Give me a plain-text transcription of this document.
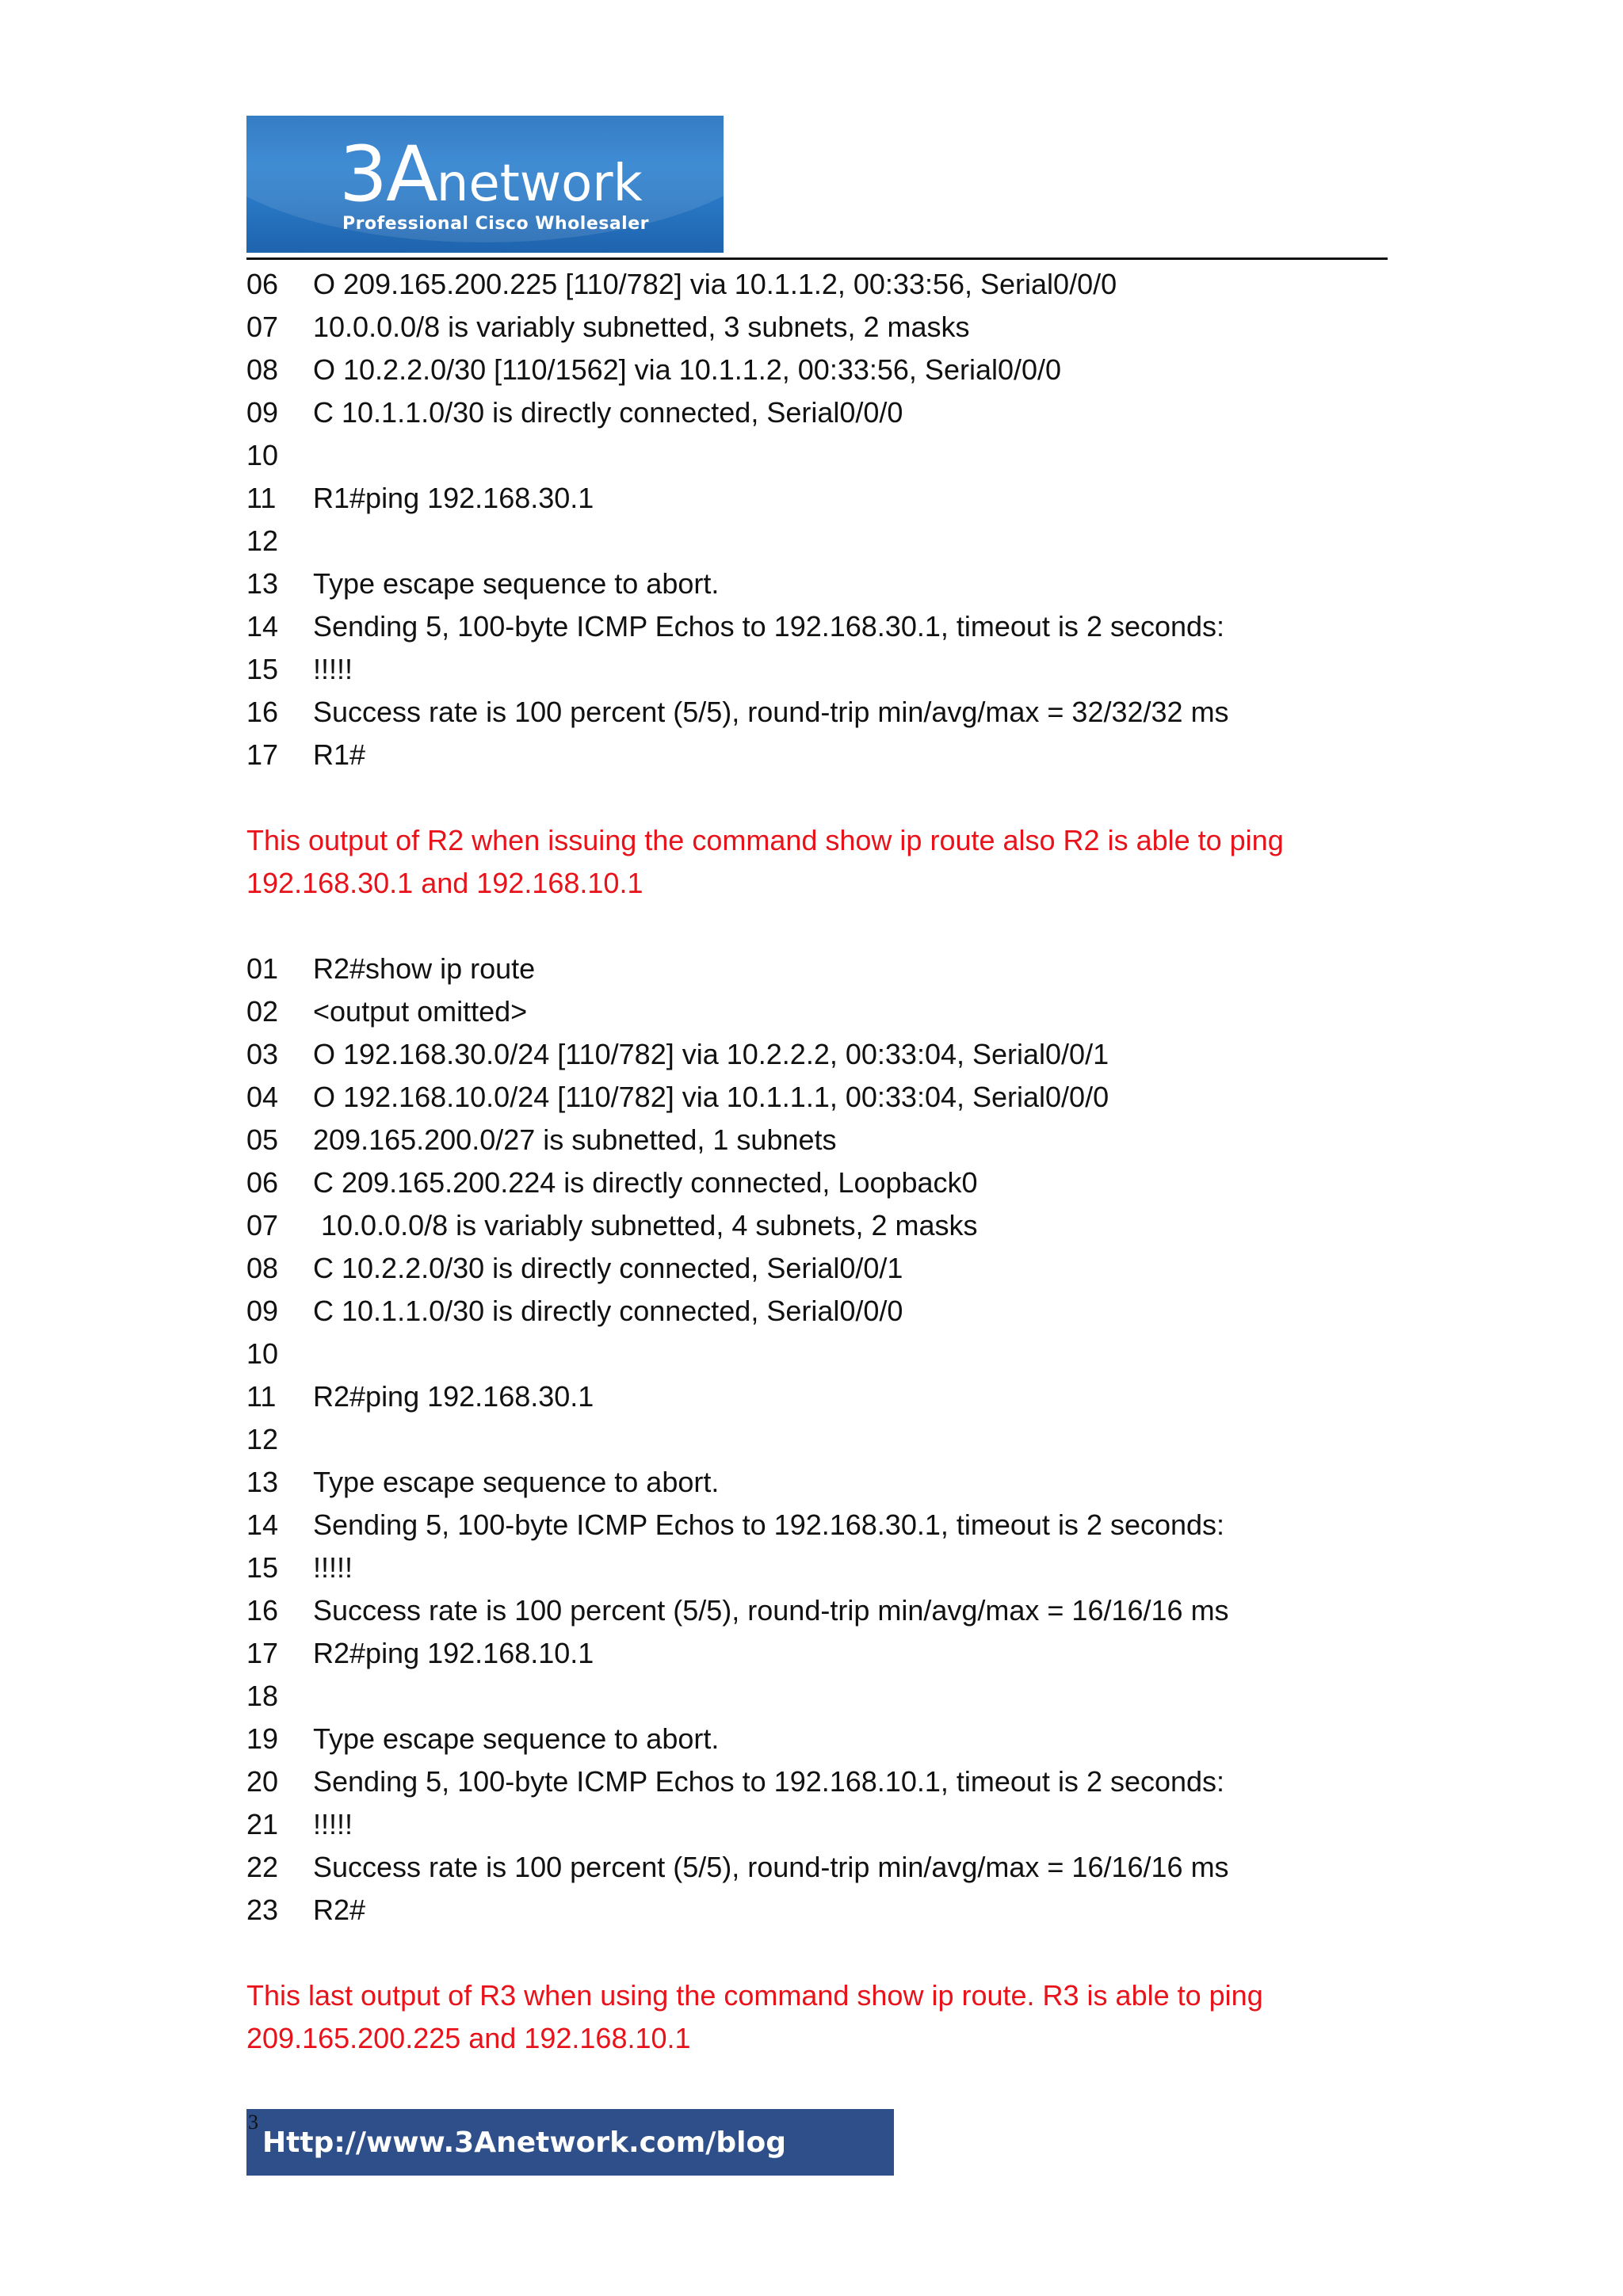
3Anetwork
Professional Cisco Wholesaler
06	O 209.165.200.225 [110/782] via 10.1.1.2, 00:33:56, Serial0/0/0
07	10.0.0.0/8 is variably subnetted, 3 subnets, 2 masks
08	O 10.2.2.0/30 [110/1562] via 10.1.1.2, 00:33:56, Serial0/0/0
09	C 10.1.1.0/30 is directly connected, Serial0/0/0
10
11	R1#ping 192.168.30.1
12
13	Type escape sequence to abort.
14	Sending 5, 100-byte ICMP Echos to 192.168.30.1, timeout is 2 seconds:
15	!!!!!
16	Success rate is 100 percent (5/5), round-trip min/avg/max = 32/32/32 ms
17	R1#
This output of R2 when issuing the command show ip route also R2 is able to ping
192.168.30.1 and 192.168.10.1
01	R2#show ip route
02	<output omitted>
03	O 192.168.30.0/24 [110/782] via 10.2.2.2, 00:33:04, Serial0/0/1
04	O 192.168.10.0/24 [110/782] via 10.1.1.1, 00:33:04, Serial0/0/0
05	209.165.200.0/27 is subnetted, 1 subnets
06	C 209.165.200.224 is directly connected, Loopback0
07	10.0.0.0/8 is variably subnetted, 4 subnets, 2 masks
08	C 10.2.2.0/30 is directly connected, Serial0/0/1
09	C 10.1.1.0/30 is directly connected, Serial0/0/0
10
11	R2#ping 192.168.30.1
12
13	Type escape sequence to abort.
14	Sending 5, 100-byte ICMP Echos to 192.168.30.1, timeout is 2 seconds:
15	!!!!!
16	Success rate is 100 percent (5/5), round-trip min/avg/max = 16/16/16 ms
17	R2#ping 192.168.10.1
18
19	Type escape sequence to abort.
20	Sending 5, 100-byte ICMP Echos to 192.168.10.1, timeout is 2 seconds:
21	!!!!!
22	Success rate is 100 percent (5/5), round-trip min/avg/max = 16/16/16 ms
23	R2#
This last output of R3 when using the command show ip route. R3 is able to ping
209.165.200.225 and 192.168.10.1
Http://www.3Anetwork.com/blog
3
